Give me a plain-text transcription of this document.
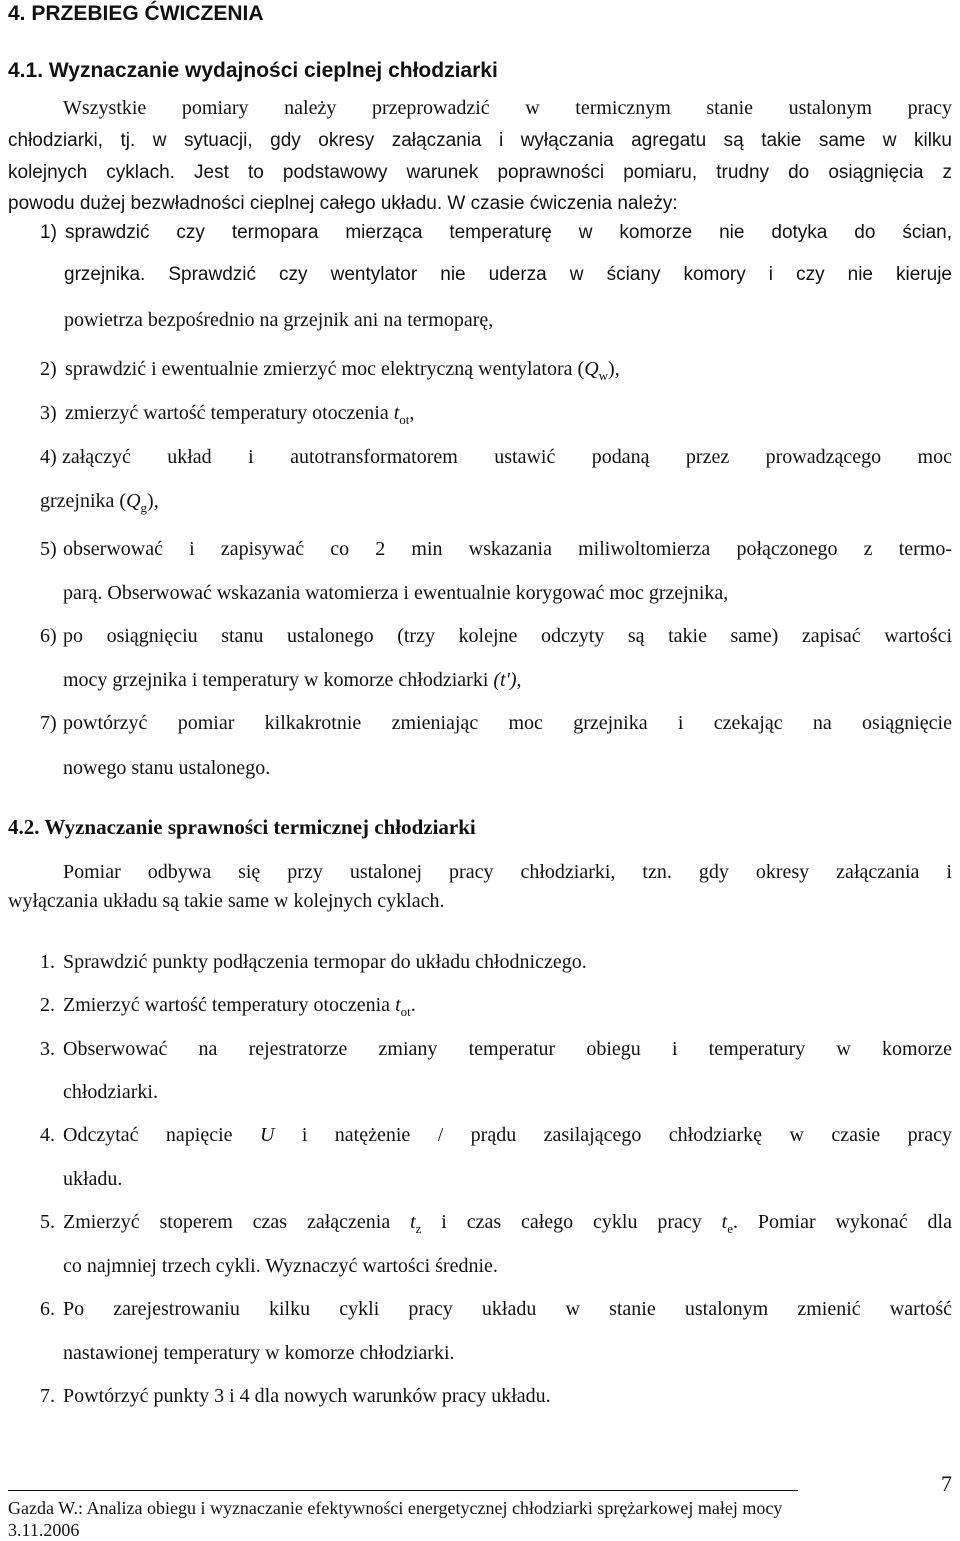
4. PRZEBIEG ĆWICZENIA
4.1. Wyznaczanie wydajności cieplnej chłodziarki
Wszystkie pomiary należy przeprowadzić w termicznym stanie ustalonym pracy
chłodziarki, tj. w sytuacji, gdy okresy załączania i wyłączania agregatu są takie same w kilku
kolejnych cyklach. Jest to podstawowy warunek poprawności pomiaru, trudny do osiągnięcia z
powodu dużej bezwładności cieplnej całego układu. W czasie ćwiczenia należy:
1) sprawdzić czy termopara mierząca temperaturę w komorze nie dotyka do ścian,
grzejnika. Sprawdzić czy wentylator nie uderza w ściany komory i czy nie kieruje
powietrza bezpośrednio na grzejnik ani na termoparę,
2) sprawdzić i ewentualnie zmierzyć moc elektryczną wentylatora $(Q_w)$,
3) zmierzyć wartość temperatury otoczenia $t_{ot}$,
4) załączyć układ i autotransformatorem ustawić podaną przez prowadzącego moc
grzejnika $(Q_g)$,
5) obserwować i zapisywać co 2 min wskazania miliwoltomierza połączonego z termo-
parą. Obserwować wskazania watomierza i ewentualnie korygować moc grzejnika,
6) po osiągnięciu stanu ustalonego (trzy kolejne odczyty są takie same) zapisać wartości
mocy grzejnika i temperatury w komorze chłodziarki (t'),
7) powtórzyć pomiar kilkakrotnie zmieniając moc grzejnika i czekając na osiągnięcie
nowego stanu ustalonego.
4.2. Wyznaczanie sprawności termicznej chłodziarki
Pomiar odbywa się przy ustalonej pracy chłodziarki, tzn. gdy okresy załączania i
wyłączania układu są takie same w kolejnych cyklach.
1. Sprawdzić punkty podłączenia termopar do układu chłodniczego.
2. Zmierzyć wartość temperatury otoczenia $t_{ot}$.
3. Obserwować na rejestratorze zmiany temperatur obiegu i temperatury w komorze
chłodziarki.
4. Odczytać napięcie U i natężenie / prądu zasilającego chłodziarkę w czasie pracy
układu.
5. Zmierzyć stoperem czas załączenia $t_z$ i czas całego cyklu pracy $t_e$. Pomiar wykonać dla
co najmniej trzech cykli. Wyznaczyć wartości średnie.
6. Po zarejestrowaniu kilku cykli pracy układu w stanie ustalonym zmienić wartość
nastawionej temperatury w komorze chłodziarki.
7. Powtórzyć punkty 3 i 4 dla nowych warunków pracy układu.
7
Gazda W.: Analiza obiegu i wyznaczanie efektywności energetycznej chłodziarki sprężarkowej małej mocy
3.11.2006
